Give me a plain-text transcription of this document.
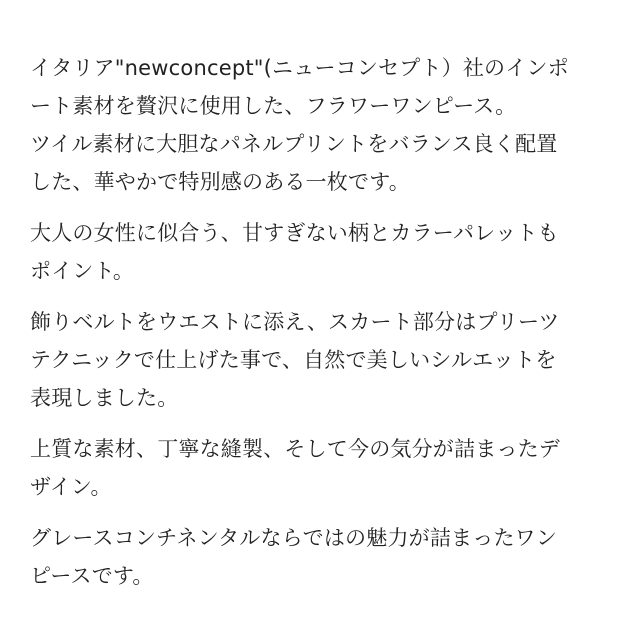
イタリア"newconcept"(ニューコンセプト）社のインポ
ート素材を贅沢に使用した、フラワーワンピース。
ツイル素材に大胆なパネルプリントをバランス良く配置
した、華やかで特別感のある一枚です。

大人の女性に似合う、甘すぎない柄とカラーパレットも
ポイント。

飾りベルトをウエストに添え、スカート部分はプリーツ
テクニックで仕上げた事で、自然で美しいシルエットを
表現しました。

上質な素材、丁寧な縫製、そして今の気分が詰まったデ
ザイン。

グレースコンチネンタルならではの魅力が詰まったワン
ピースです。
